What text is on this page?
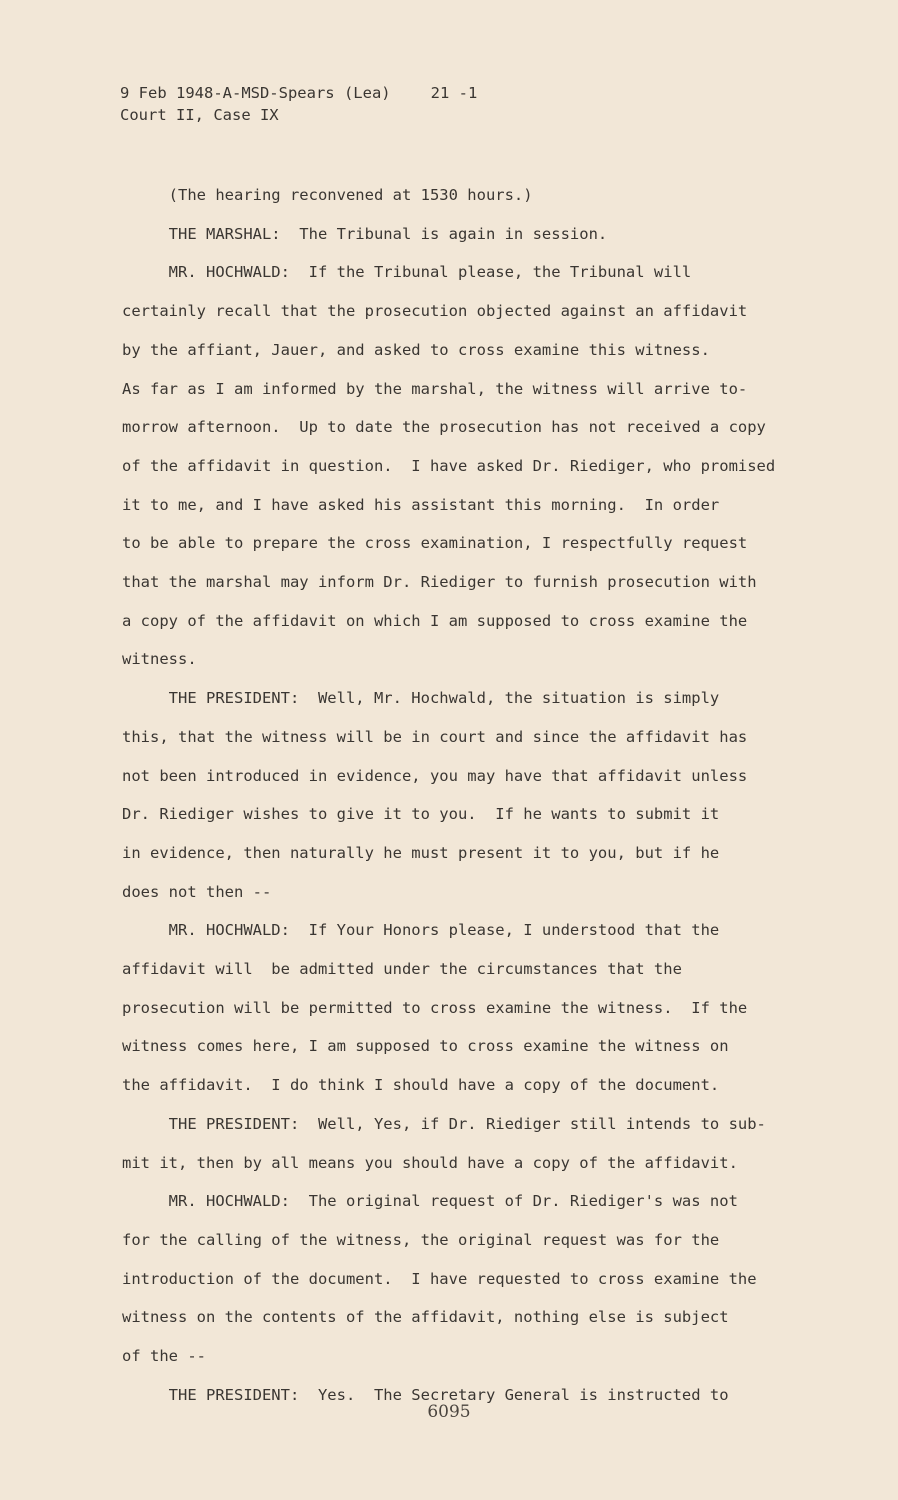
9 Feb 1948-A-MSD-Spears (Lea)	21 -1
Court II, Case IX

(The hearing reconvened at 1530 hours.)

THE MARSHAL:  The Tribunal is again in session.

MR. HOCHWALD:  If the Tribunal please, the Tribunal will

certainly recall that the prosecution objected against an affidavit

by the affiant, Jauer, and asked to cross examine this witness.

As far as I am informed by the marshal, the witness will arrive to-

morrow afternoon.  Up to date the prosecution has not received a copy

of the affidavit in question.  I have asked Dr. Riediger, who promised

it to me, and I have asked his assistant this morning.  In order

to be able to prepare the cross examination, I respectfully request

that the marshal may inform Dr. Riediger to furnish prosecution with

a copy of the affidavit on which I am supposed to cross examine the

witness.

THE PRESIDENT:  Well, Mr. Hochwald, the situation is simply

this, that the witness will be in court and since the affidavit has

not been introduced in evidence, you may have that affidavit unless

Dr. Riediger wishes to give it to you.  If he wants to submit it

in evidence, then naturally he must present it to you, but if he

does not then --

MR. HOCHWALD:  If Your Honors please, I understood that the

affidavit will  be admitted under the circumstances that the

prosecution will be permitted to cross examine the witness.  If the

witness comes here, I am supposed to cross examine the witness on

the affidavit.  I do think I should have a copy of the document.

THE PRESIDENT:  Well, Yes, if Dr. Riediger still intends to sub-

mit it, then by all means you should have a copy of the affidavit.

MR. HOCHWALD:  The original request of Dr. Riediger's was not

for the calling of the witness, the original request was for the

introduction of the document.  I have requested to cross examine the

witness on the contents of the affidavit, nothing else is subject

of the --

THE PRESIDENT:  Yes.  The Secretary General is instructed to

6095
